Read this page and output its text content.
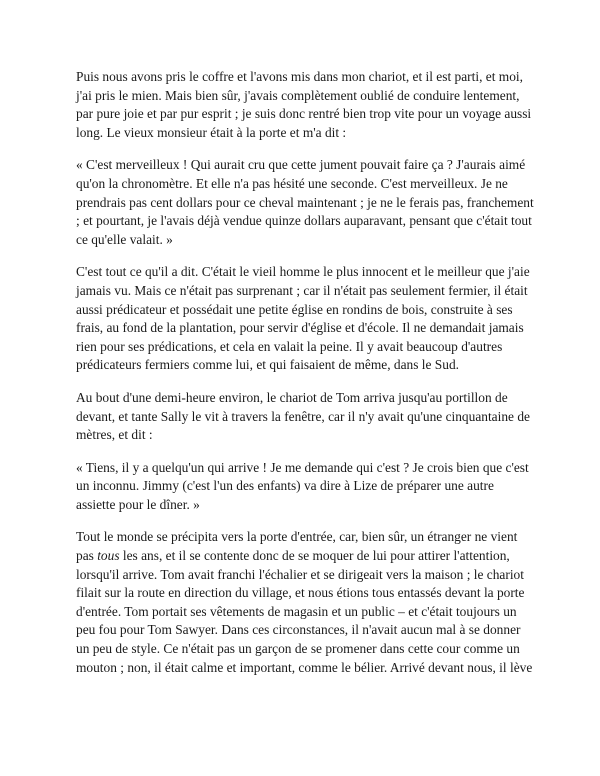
Puis nous avons pris le coffre et l'avons mis dans mon chariot, et il est parti, et moi, j'ai pris le mien. Mais bien sûr, j'avais complètement oublié de conduire lentement, par pure joie et par pur esprit ; je suis donc rentré bien trop vite pour un voyage aussi long. Le vieux monsieur était à la porte et m'a dit :

« C'est merveilleux ! Qui aurait cru que cette jument pouvait faire ça ? J'aurais aimé qu'on la chronomètre. Et elle n'a pas hésité une seconde. C'est merveilleux. Je ne prendrais pas cent dollars pour ce cheval maintenant ; je ne le ferais pas, franchement ; et pourtant, je l'avais déjà vendue quinze dollars auparavant, pensant que c'était tout ce qu'elle valait. »

C'est tout ce qu'il a dit. C'était le vieil homme le plus innocent et le meilleur que j'aie jamais vu. Mais ce n'était pas surprenant ; car il n'était pas seulement fermier, il était aussi prédicateur et possédait une petite église en rondins de bois, construite à ses frais, au fond de la plantation, pour servir d'église et d'école. Il ne demandait jamais rien pour ses prédications, et cela en valait la peine. Il y avait beaucoup d'autres prédicateurs fermiers comme lui, et qui faisaient de même, dans le Sud.

Au bout d'une demi-heure environ, le chariot de Tom arriva jusqu'au portillon de devant, et tante Sally le vit à travers la fenêtre, car il n'y avait qu'une cinquantaine de mètres, et dit :

« Tiens, il y a quelqu'un qui arrive ! Je me demande qui c'est ? Je crois bien que c'est un inconnu. Jimmy (c'est l'un des enfants) va dire à Lize de préparer une autre assiette pour le dîner. »

Tout le monde se précipita vers la porte d'entrée, car, bien sûr, un étranger ne vient pas tous les ans, et il se contente donc de se moquer de lui pour attirer l'attention, lorsqu'il arrive. Tom avait franchi l'échalier et se dirigeait vers la maison ; le chariot filait sur la route en direction du village, et nous étions tous entassés devant la porte d'entrée. Tom portait ses vêtements de magasin et un public – et c'était toujours un peu fou pour Tom Sawyer. Dans ces circonstances, il n'avait aucun mal à se donner un peu de style. Ce n'était pas un garçon de se promener dans cette cour comme un mouton ; non, il était calme et important, comme le bélier. Arrivé devant nous, il lève
